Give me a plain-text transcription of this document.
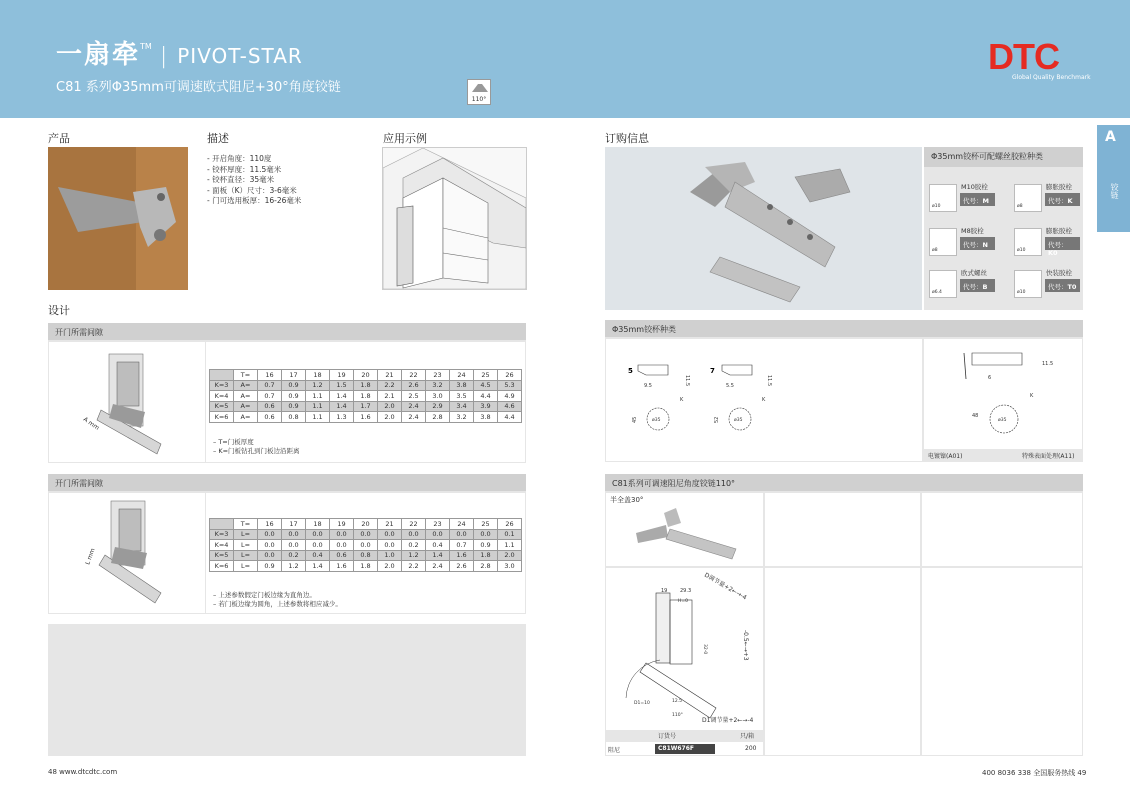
一扇牵 TM | PIVOT-STAR
C81 系列Φ35mm可调速欧式阻尼+30°角度铰链
110°
DTC
Global Quality Benchmark
A
铰链
产品	描述	应用示例	订购信息
- 开启角度：110度
- 铰杯厚度：11.5毫米
- 铰杯直径：35毫米
- 面板（K）尺寸：3-6毫米
- 门可选用板厚：16-26毫米
设计
开门所需间隙
A mm
	T=	16	17	18	19	20	21	22	23	24	25	26
K=3	A=	0.7	0.9	1.2	1.5	1.8	2.2	2.6	3.2	3.8	4.5	5.3
K=4	A=	0.7	0.9	1.1	1.4	1.8	2.1	2.5	3.0	3.5	4.4	4.9
K=5	A=	0.6	0.9	1.1	1.4	1.7	2.0	2.4	2.9	3.4	3.9	4.6
K=6	A=	0.6	0.8	1.1	1.3	1.6	2.0	2.4	2.8	3.2	3.8	4.4
– T=门板厚度
– K=门板钻孔到门板边沿距离
开门所需间隙
L mm
	T=	16	17	18	19	20	21	22	23	24	25	26
K=3	L=	0.0	0.0	0.0	0.0	0.0	0.0	0.0	0.0	0.0	0.0	0.1
K=4	L=	0.0	0.0	0.0	0.0	0.0	0.0	0.2	0.4	0.7	0.9	1.1
K=5	L=	0.0	0.2	0.4	0.6	0.8	1.0	1.2	1.4	1.6	1.8	2.0
K=6	L=	0.9	1.2	1.4	1.6	1.8	2.0	2.2	2.4	2.6	2.8	3.0
– 上述参数假定门板边缘为直角边。
– 若门板边缘为圆角，上述参数将相应减少。
Φ35mm铰杯可配螺丝胶粒种类
M10胶栓
代号：M
ø10
膨胀胶栓
代号：K
ø8
M8胶栓
代号：N
ø8
膨胀胶栓
代号：K0
ø10
欧式螺丝
代号：B
ø6.4
快装胶栓
代号：T0
ø10
Φ35mm铰杯种类
5	7
11.5	11.5
9.5	5.5
45	52
K	K
ø35	ø35
11.5
6
48
K
ø35
电镀镍(A01)	特殊表面处理(A11)
C81系列可调速阻尼角度铰链110°
半全盖30°
19	29.3
H=0
D调节量+2←→-4
-0.5←→+3
D1调节量+2←→-4
D1=10
110°
12.5
32-0
订货号	只/箱
阻尼	C81W676F	200
48 www.dtcdtc.com	400 8036 338 全国服务热线 49
